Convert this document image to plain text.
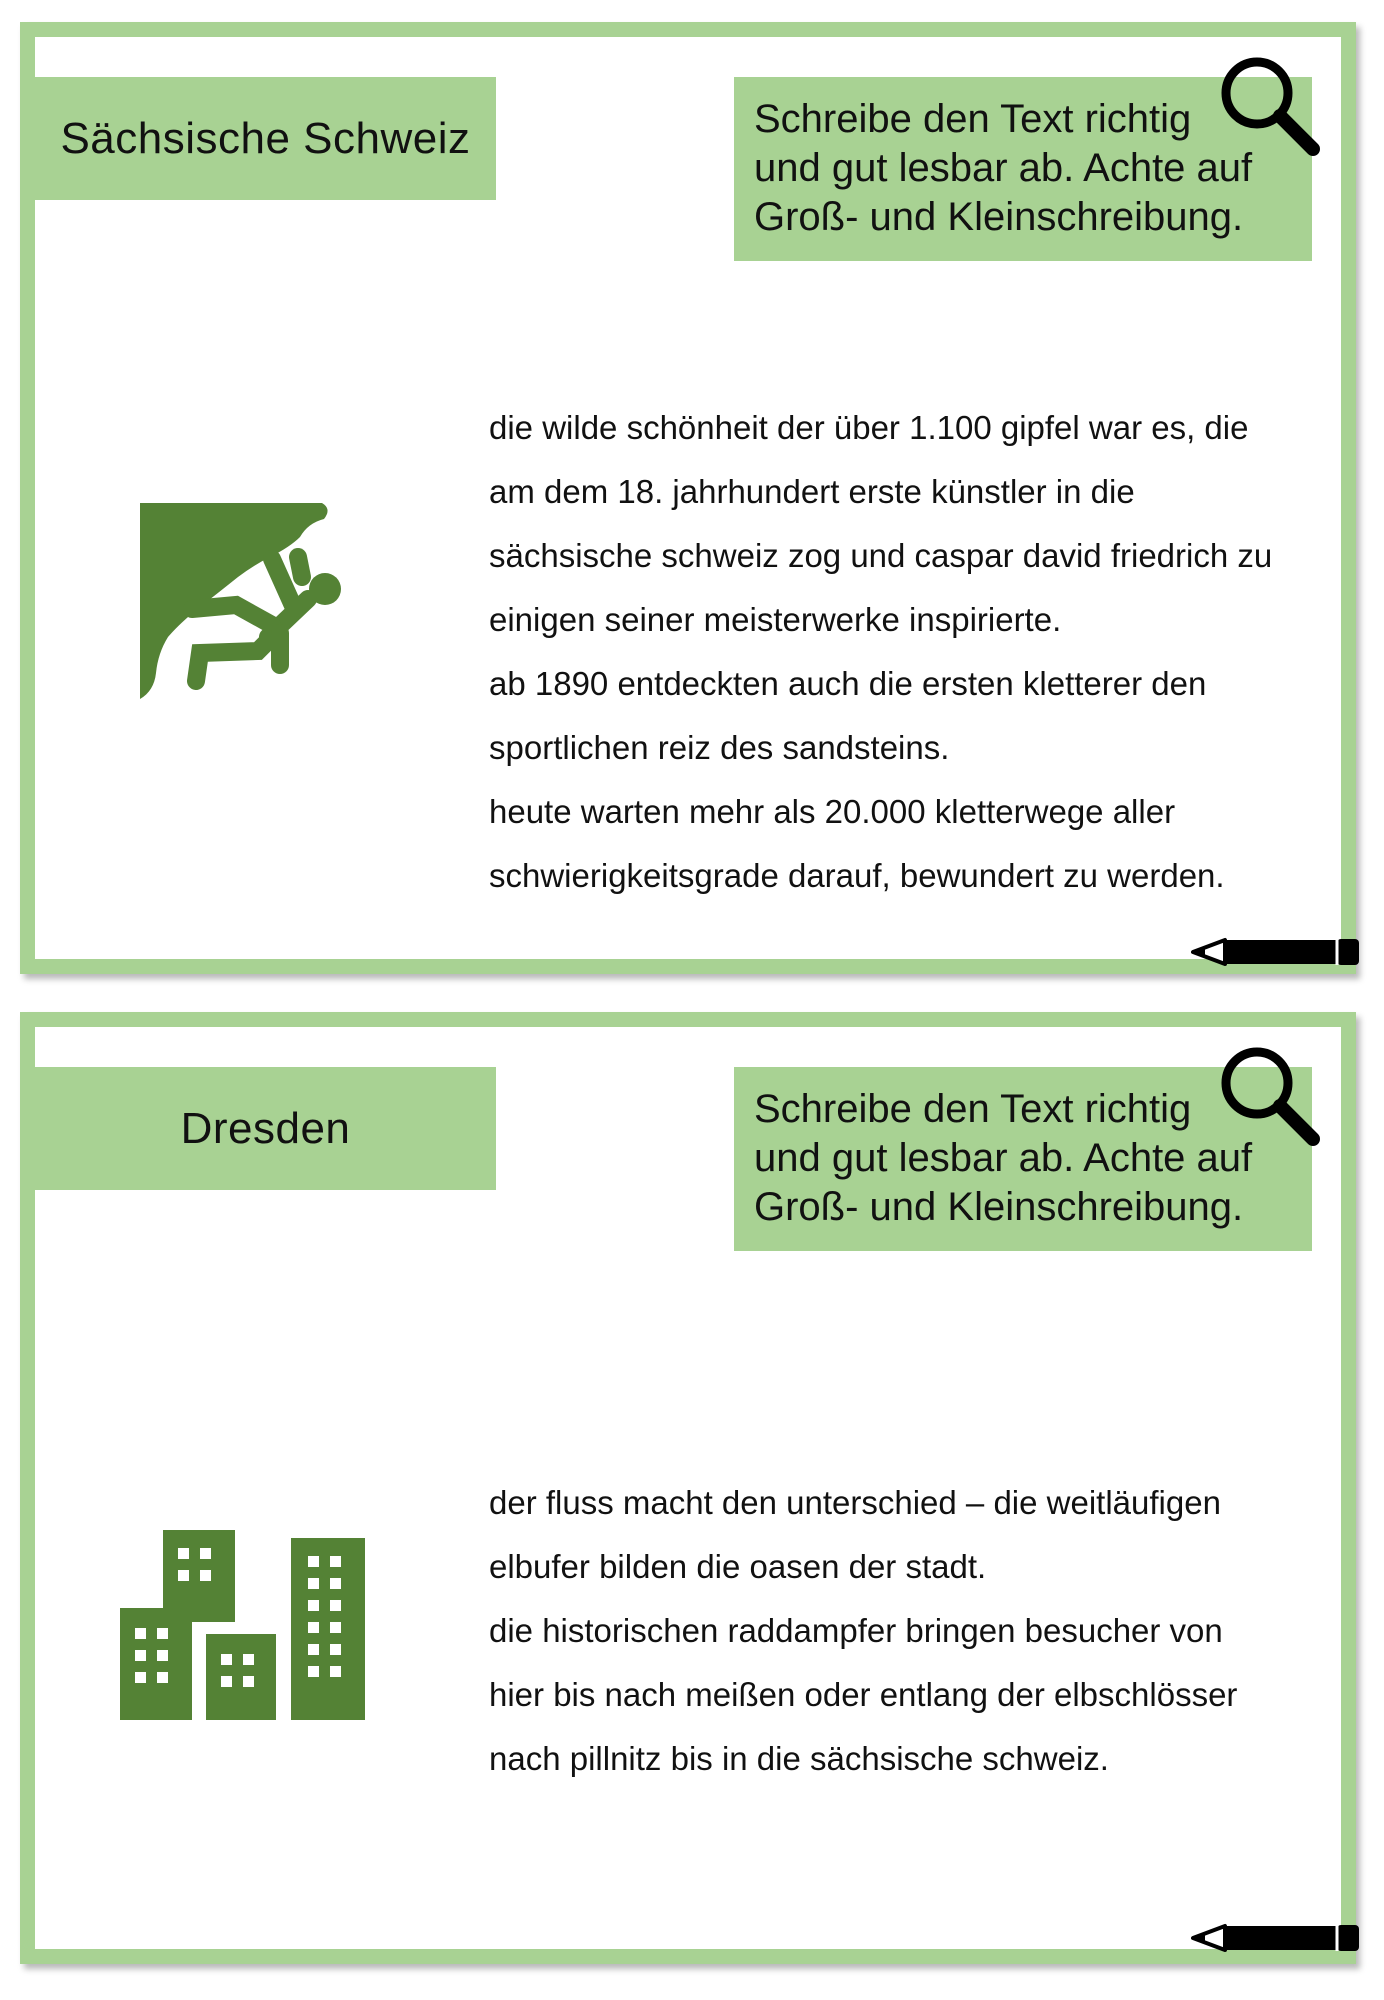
Sächsische Schweiz	Schreibe den Text richtig

und gut lesbar ab. Achte auf

Groß- und Kleinschreibung.

die wilde schönheit der über 1.100 gipfel war es, die

am dem 18. jahrhundert erste künstler in die

sächsische schweiz zog und caspar david friedrich zu

einigen seiner meisterwerke inspirierte.

ab 1890 entdeckten auch die ersten kletterer den

sportlichen reiz des sandsteins.

heute warten mehr als 20.000 kletterwege aller

schwierigkeitsgrade darauf, bewundert zu werden.

Dresden	Schreibe den Text richtig

und gut lesbar ab. Achte auf

Groß- und Kleinschreibung.

der fluss macht den unterschied – die weitläufigen

elbufer bilden die oasen der stadt.

die historischen raddampfer bringen besucher von

hier bis nach meißen oder entlang der elbschlösser

nach pillnitz bis in die sächsische schweiz.
